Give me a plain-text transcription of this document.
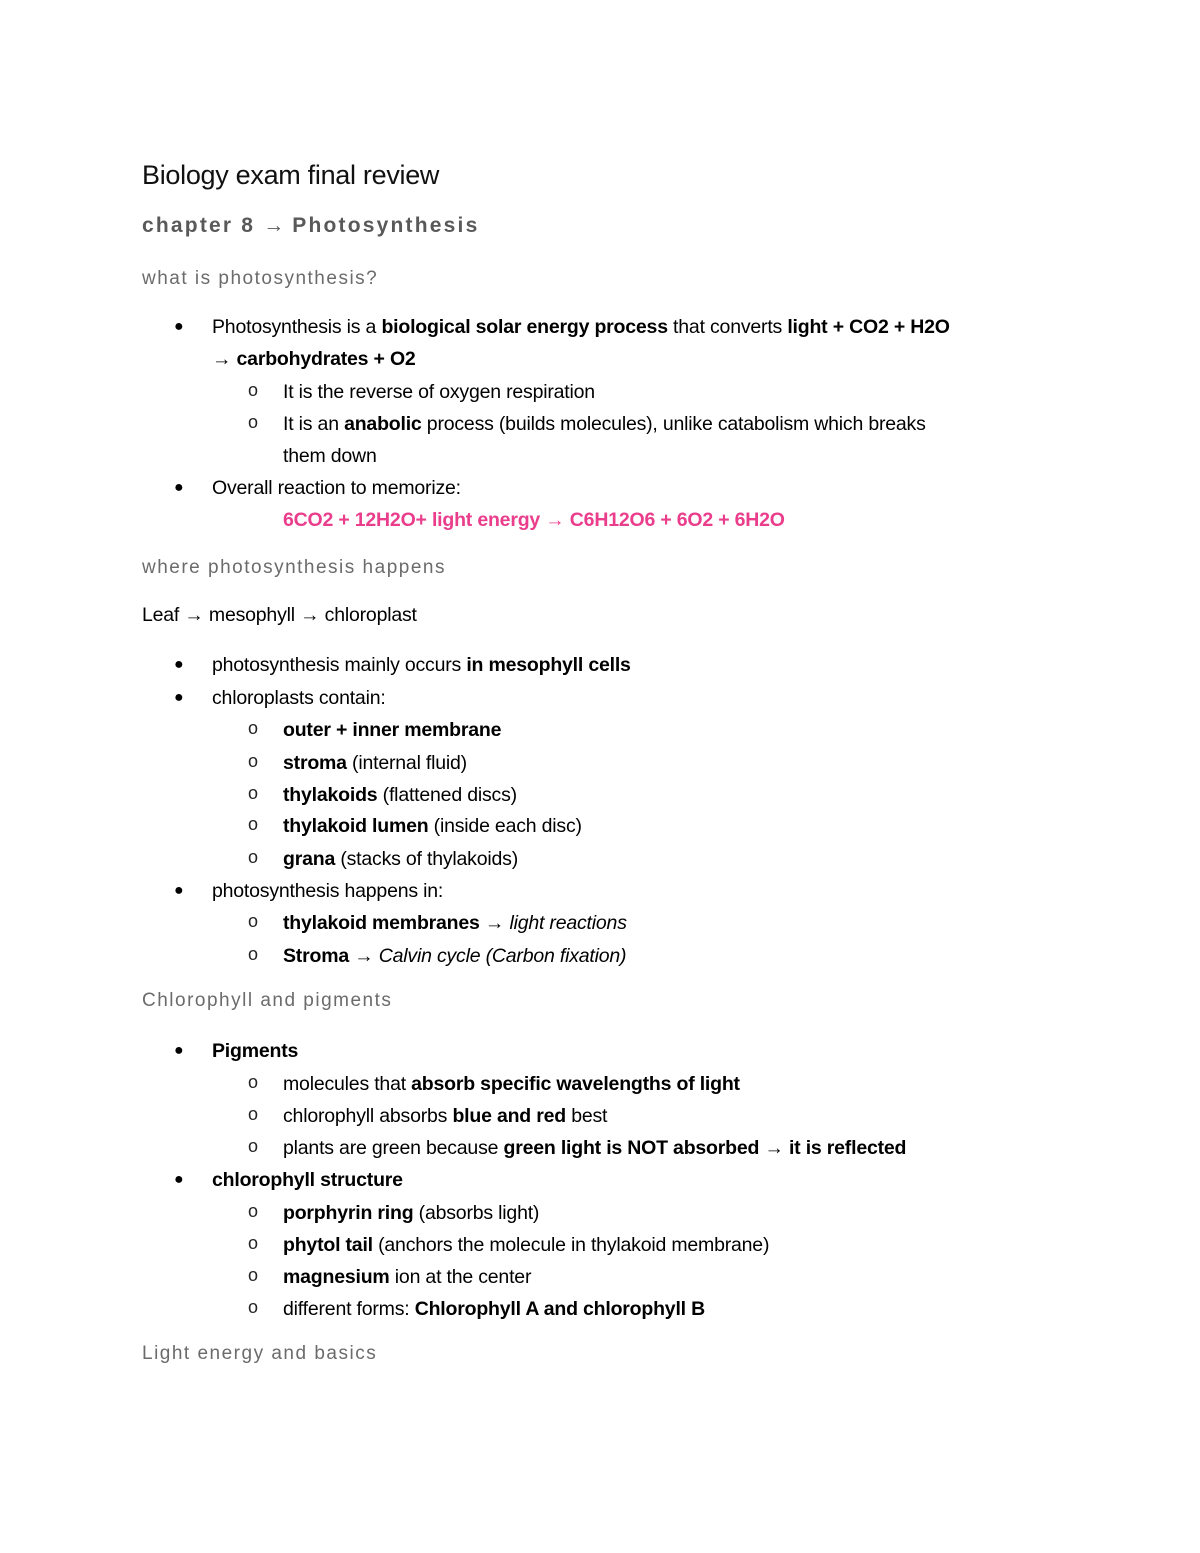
Biology exam final review
chapter 8 → Photosynthesis
what is photosynthesis?
● Photosynthesis is a biological solar energy process that converts light + CO2 + H2O
→ carbohydrates + O2
o It is the reverse of oxygen respiration
o It is an anabolic process (builds molecules), unlike catabolism which breaks
them down
● Overall reaction to memorize:
6CO2 + 12H2O+ light energy → C6H12O6 + 6O2 + 6H2O
where photosynthesis happens
Leaf → mesophyll → chloroplast
● photosynthesis mainly occurs in mesophyll cells
● chloroplasts contain:
o outer + inner membrane
o stroma (internal fluid)
o thylakoids (flattened discs)
o thylakoid lumen (inside each disc)
o grana (stacks of thylakoids)
● photosynthesis happens in:
o thylakoid membranes → light reactions
o Stroma → Calvin cycle (Carbon fixation)
Chlorophyll and pigments
● Pigments
o molecules that absorb specific wavelengths of light
o chlorophyll absorbs blue and red best
o plants are green because green light is NOT absorbed → it is reflected
● chlorophyll structure
o porphyrin ring (absorbs light)
o phytol tail (anchors the molecule in thylakoid membrane)
o magnesium ion at the center
o different forms: Chlorophyll A and chlorophyll B
Light energy and basics
